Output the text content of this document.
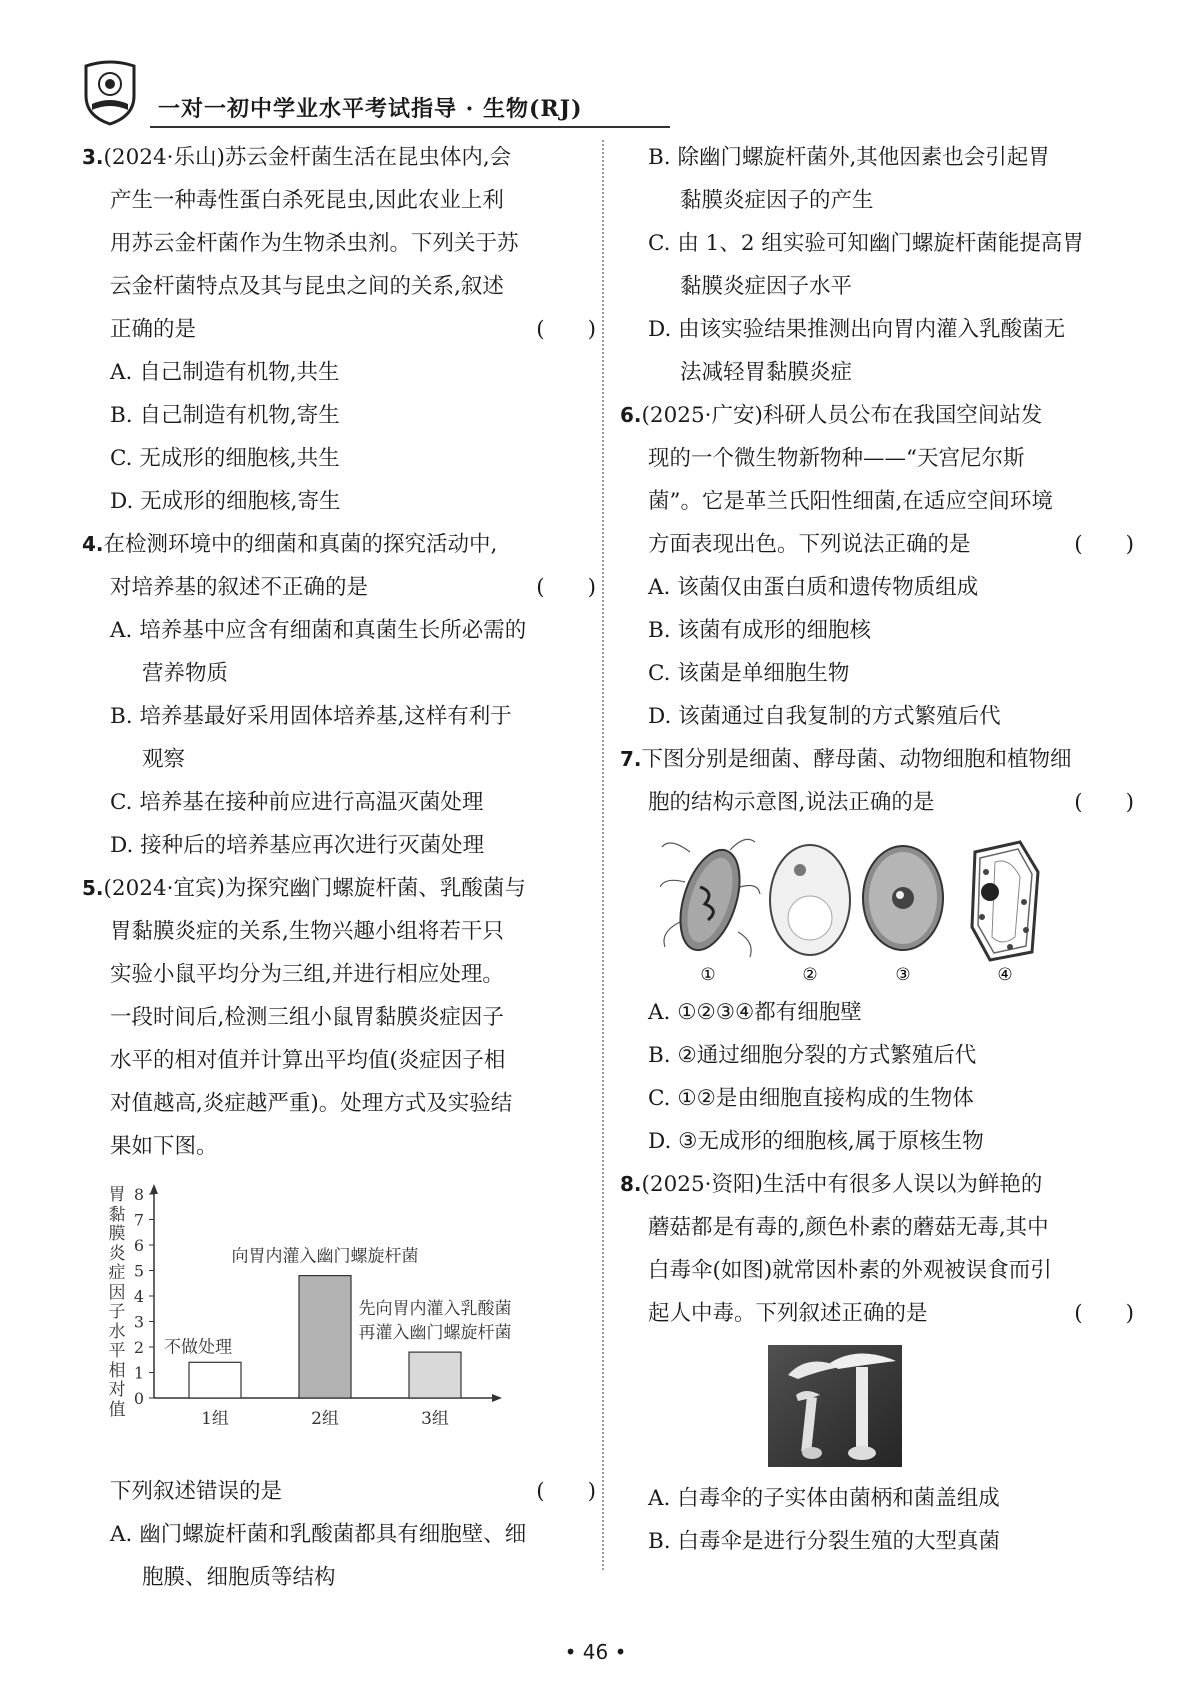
一对一初中学业水平考试指导 · 生物(RJ)

3.(2024·乐山)苏云金杆菌生活在昆虫体内,会

产生一种毒性蛋白杀死昆虫,因此农业上利

用苏云金杆菌作为生物杀虫剂。下列关于苏

云金杆菌特点及其与昆虫之间的关系,叙述

正确的是	(　　)

A. 自己制造有机物,共生

B. 自己制造有机物,寄生

C. 无成形的细胞核,共生

D. 无成形的细胞核,寄生

4.在检测环境中的细菌和真菌的探究活动中,

对培养基的叙述不正确的是	(　　)

A. 培养基中应含有细菌和真菌生长所必需的

营养物质

B. 培养基最好采用固体培养基,这样有利于

观察

C. 培养基在接种前应进行高温灭菌处理

D. 接种后的培养基应再次进行灭菌处理

5.(2024·宜宾)为探究幽门螺旋杆菌、乳酸菌与

胃黏膜炎症的关系,生物兴趣小组将若干只

实验小鼠平均分为三组,并进行相应处理。

一段时间后,检测三组小鼠胃黏膜炎症因子

水平的相对值并计算出平均值(炎症因子相

对值越高,炎症越严重)。处理方式及实验结

果如下图。

胃黏膜炎症因子水平相对值
0
1
2
3
4
5
6
7
8
1组
不做处理
2组
向胃内灌入幽门螺旋杆菌
3组
先向胃内灌入乳酸菌
再灌入幽门螺旋杆菌

下列叙述错误的是	(　　)

A. 幽门螺旋杆菌和乳酸菌都具有细胞壁、细

胞膜、细胞质等结构

B. 除幽门螺旋杆菌外,其他因素也会引起胃

黏膜炎症因子的产生

C. 由 1、2 组实验可知幽门螺旋杆菌能提高胃

黏膜炎症因子水平

D. 由该实验结果推测出向胃内灌入乳酸菌无

法减轻胃黏膜炎症

6.(2025·广安)科研人员公布在我国空间站发

现的一个微生物新物种——“天宫尼尔斯

菌”。它是革兰氏阳性细菌,在适应空间环境

方面表现出色。下列说法正确的是	(　　)

A. 该菌仅由蛋白质和遗传物质组成

B. 该菌有成形的细胞核

C. 该菌是单细胞生物

D. 该菌通过自我复制的方式繁殖后代

7.下图分别是细菌、酵母菌、动物细胞和植物细

胞的结构示意图,说法正确的是	(　　)

①	②	③	④

A. ①②③④都有细胞壁

B. ②通过细胞分裂的方式繁殖后代

C. ①②是由细胞直接构成的生物体

D. ③无成形的细胞核,属于原核生物

8.(2025·资阳)生活中有很多人误以为鲜艳的

蘑菇都是有毒的,颜色朴素的蘑菇无毒,其中

白毒伞(如图)就常因朴素的外观被误食而引

起人中毒。下列叙述正确的是	(　　)

A. 白毒伞的子实体由菌柄和菌盖组成

B. 白毒伞是进行分裂生殖的大型真菌

• 46 •
